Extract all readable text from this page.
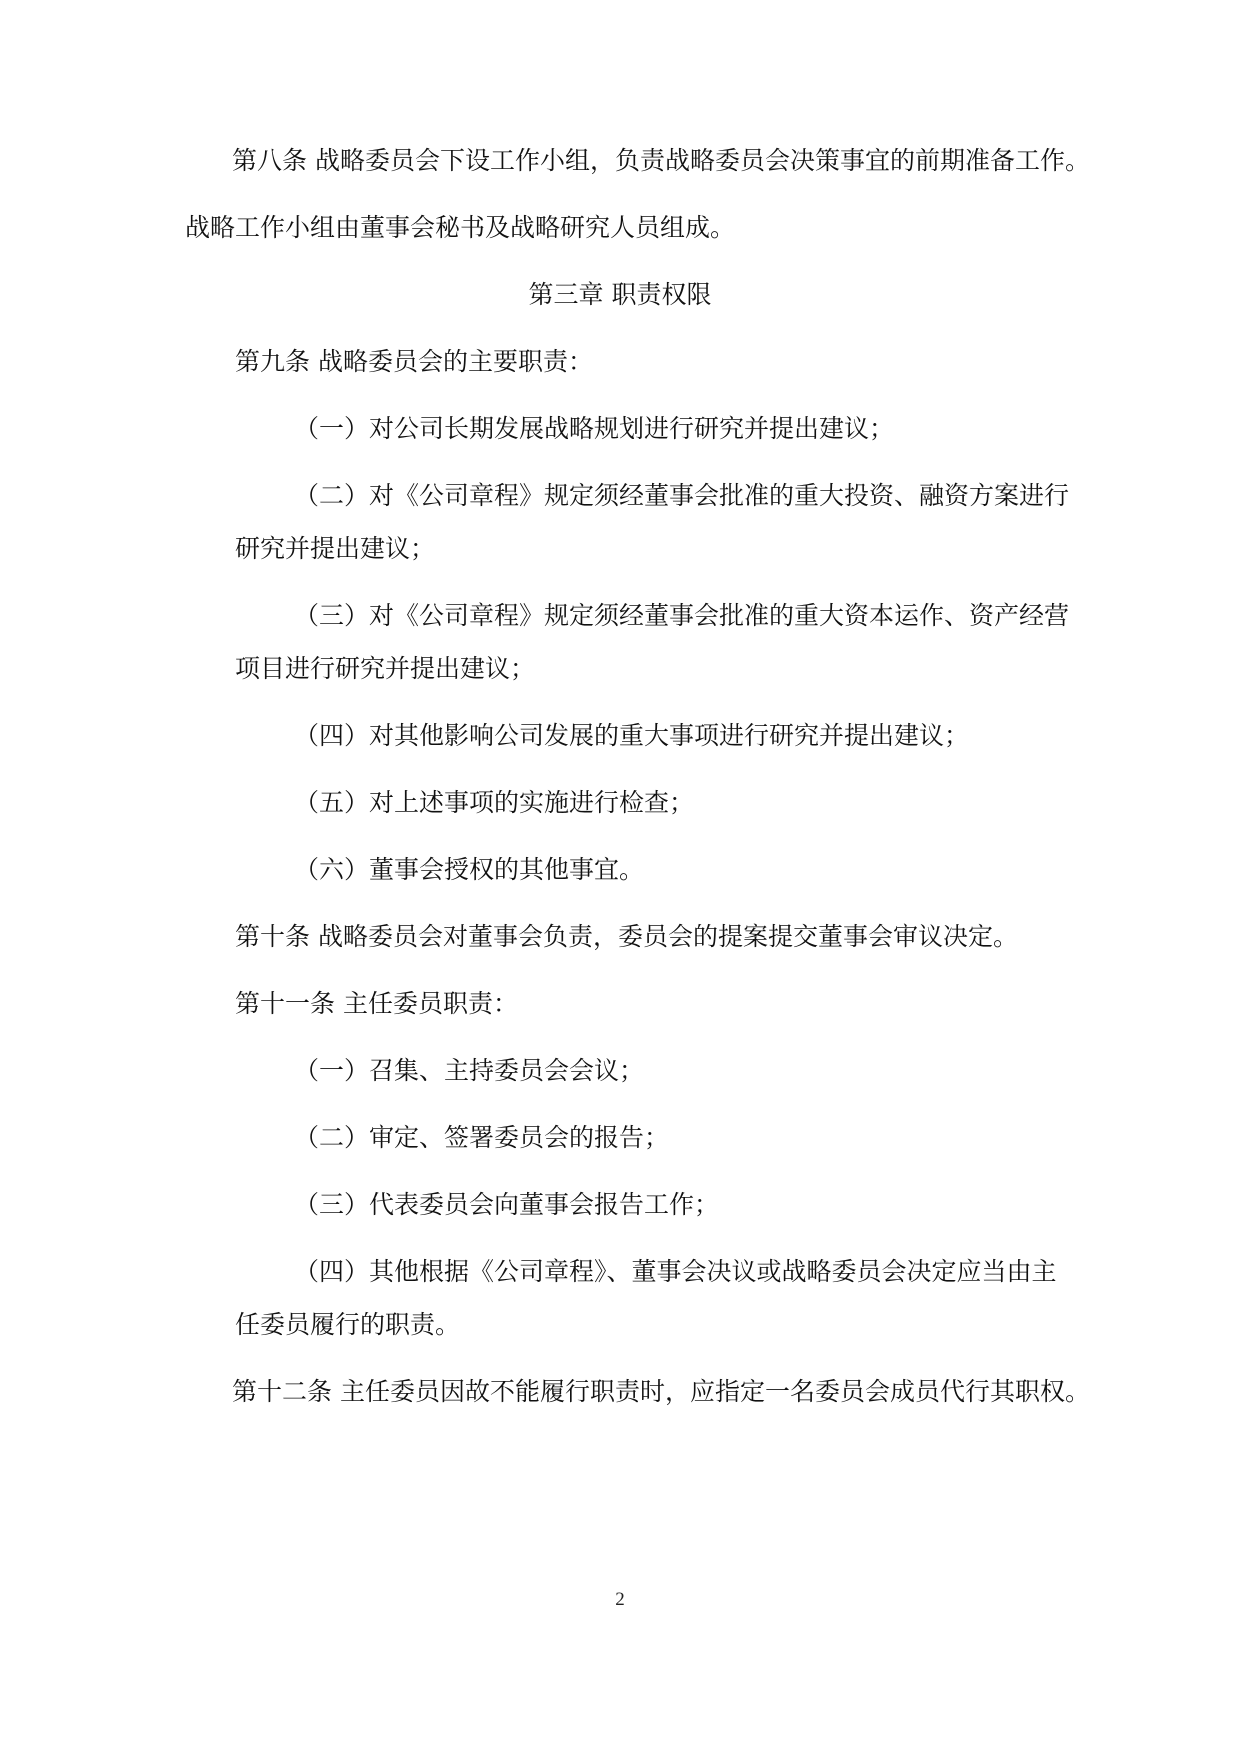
第八条 战略委员会下设工作小组，负责战略委员会决策事宜的前期准备工作。
战略工作小组由董事会秘书及战略研究人员组成。
第三章 职责权限
第九条 战略委员会的主要职责：
（一）对公司长期发展战略规划进行研究并提出建议；
（二）对《公司章程》规定须经董事会批准的重大投资、融资方案进行
研究并提出建议；
（三）对《公司章程》规定须经董事会批准的重大资本运作、资产经营
项目进行研究并提出建议；
（四）对其他影响公司发展的重大事项进行研究并提出建议；
（五）对上述事项的实施进行检查；
（六）董事会授权的其他事宜。
第十条 战略委员会对董事会负责，委员会的提案提交董事会审议决定。
第十一条 主任委员职责：
（一）召集、主持委员会会议；
（二）审定、签署委员会的报告；
（三）代表委员会向董事会报告工作；
（四）其他根据《公司章程》、董事会决议或战略委员会决定应当由主
任委员履行的职责。
第十二条 主任委员因故不能履行职责时，应指定一名委员会成员代行其职权。
2
